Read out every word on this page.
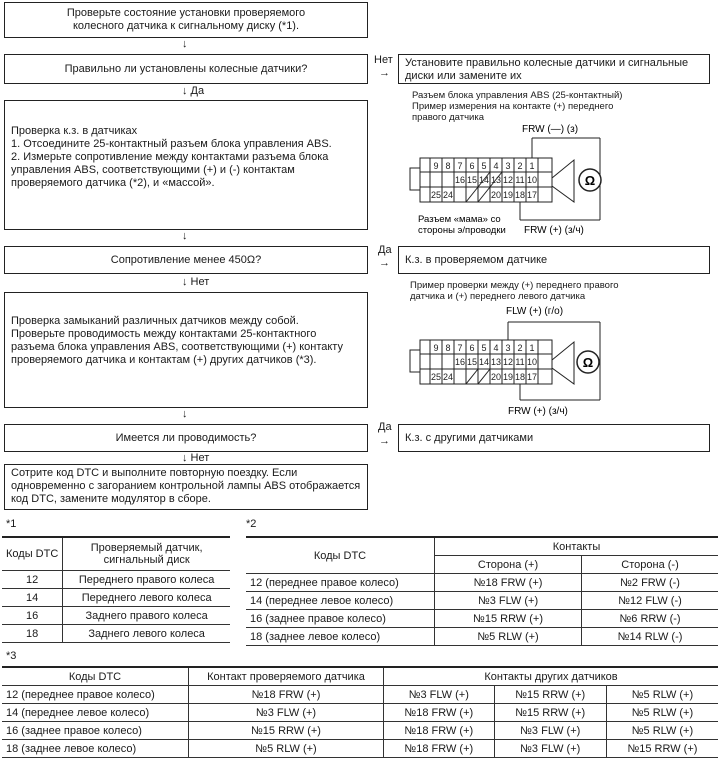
Проверьте состояние установки проверяемого колесного датчика к сигнальному диску (*1).
↓
Правильно ли установлены колесные датчики?
Нет
→
Установите правильно колесные датчики и сигнальные диски или замените их
↓ Да
Проверка к.з. в датчиках
1. Отсоедините 25-контактный разъем блока управления ABS.
2. Измерьте сопротивление между контактами разъема блока управления ABS, соответствующими (+) и (-) контактам проверяемого датчика (*2), и «массой».
↓
Сопротивление менее 450Ω?
Да
→ К.з. в проверяемом датчике
↓ Нет
Проверка замыканий различных датчиков между собой.
Проверьте проводимость между контактами 25-контактного разъема блока управления ABS, соответствующими (+) контакту проверяемого датчика и контактам (+) других датчиков (*3).
↓
Имеется ли проводимость?
Да
→ К.з. с другими датчиками
↓ Нет
Сотрите код DTC и выполните повторную поездку. Если одновременно с загоранием контрольной лампы ABS отображается код DTC, замените модулятор в сборе.
Разъем блока управления ABS (25-контактный) Пример измерения на контакте (+) переднего правого датчика
FRW (—) (з)
FRW (+) (з/ч)
Разъем «мама» со
стороны э/проводки
9 8 7 6 5 4 3 2 1
16 15 14 13 12 11 10
25 24	20 19 18 17
Ω
Пример проверки между (+) переднего правого датчика и (+) переднего левого датчика
FLW (+) (г/о)
FRW (+) (з/ч)
9 8 7 6 5 4 3 2 1
16 15 14 13 12 11 10
25 24	20 19 18 17
Ω
*1
Коды DTC	Проверяемый датчик, сигнальный диск
12	Переднего правого колеса
14	Переднего левого колеса
16	Заднего правого колеса
18	Заднего левого колеса
*2
Коды DTC	Контакты	
	Сторона (+)	Сторона (-)
12 (переднее правое колесо)	№18 FRW (+)	№2 FRW (-)
14 (переднее левое колесо)	№3 FLW (+)	№12 FLW (-)
16 (заднее правое колесо)	№15 RRW (+)	№6 RRW (-)
18 (заднее левое колесо)	№5 RLW (+)	№14 RLW (-)
*3
Коды DTC	Контакт проверяемого датчика	Контакты других датчиков		
12 (переднее правое колесо)	№18 FRW (+)	№3 FLW (+)	№15 RRW (+)	№5 RLW (+)
14 (переднее левое колесо)	№3 FLW (+)	№18 FRW (+)	№15 RRW (+)	№5 RLW (+)
16 (заднее правое колесо)	№15 RRW (+)	№18 FRW (+)	№3 FLW (+)	№5 RLW (+)
18 (заднее левое колесо)	№5 RLW (+)	№18 FRW (+)	№3 FLW (+)	№15 RRW (+)
